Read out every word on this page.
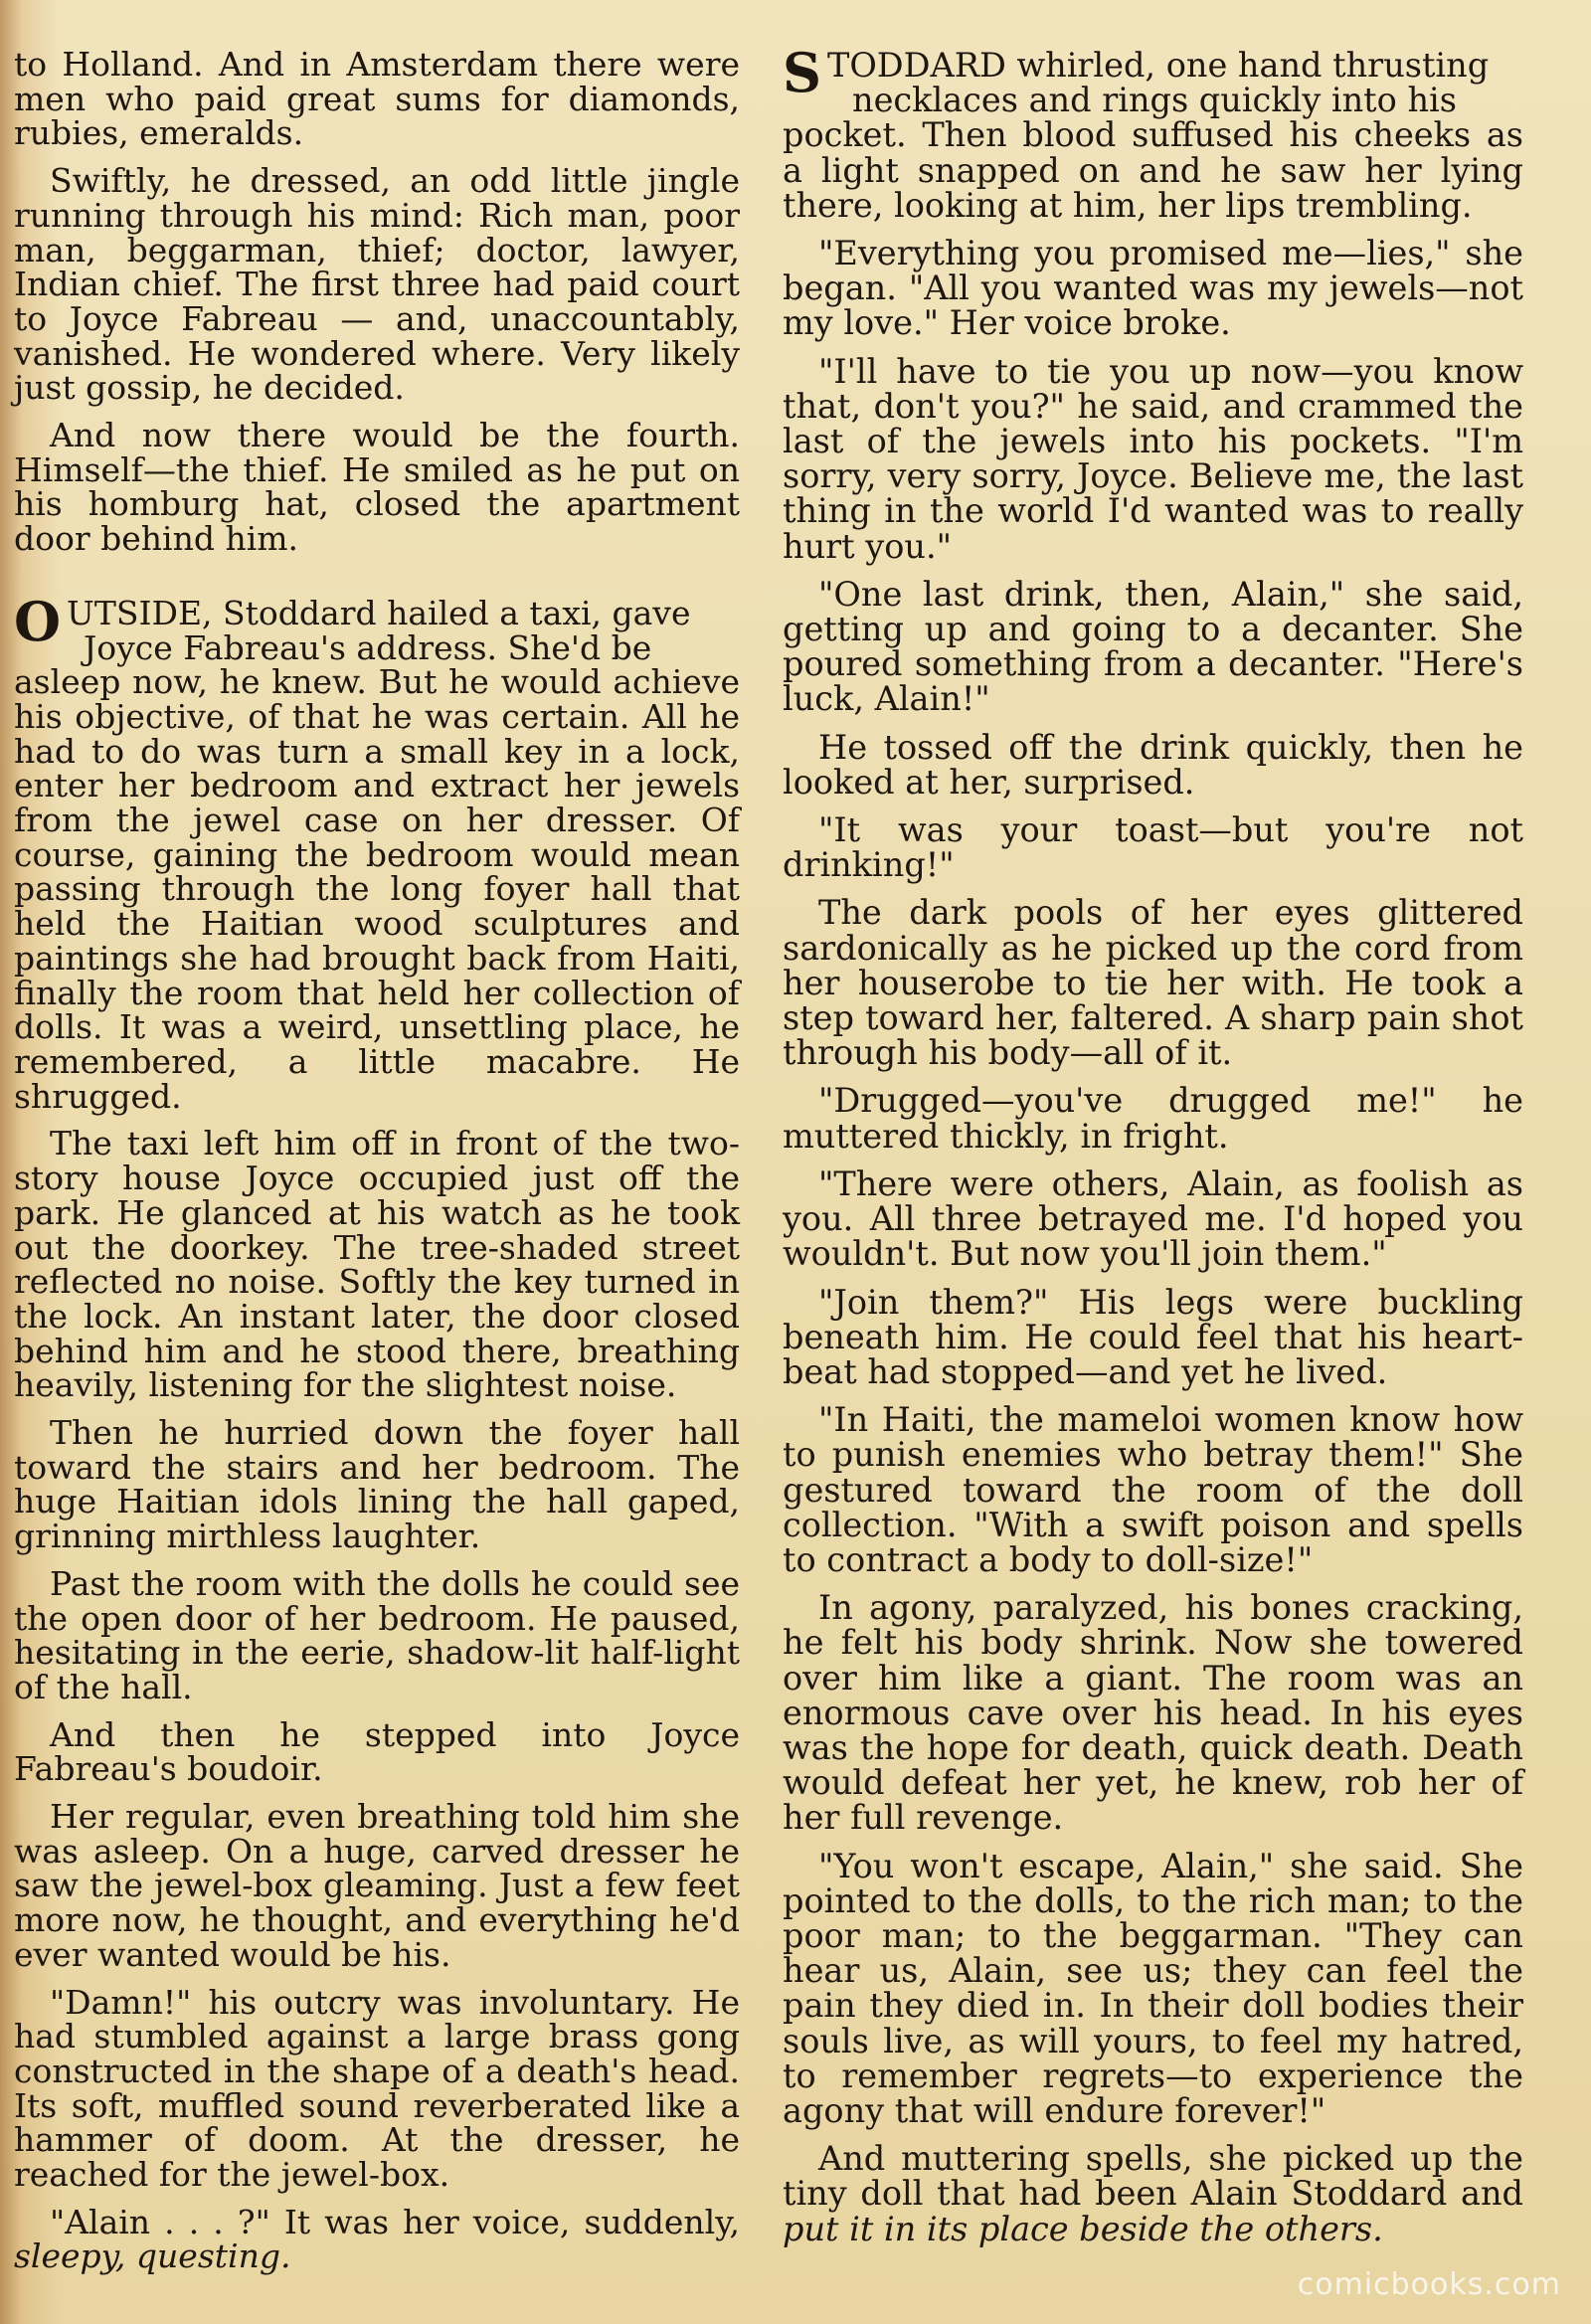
to Holland. And in Amsterdam there were men who paid great sums for diamonds, rubies, emeralds.

Swiftly, he dressed, an odd little jingle running through his mind: Rich man, poor man, beggarman, thief; doctor, lawyer, Indian chief. The first three had paid court to Joyce Fabreau — and, unaccountably, vanished. He wondered where. Very likely just gossip, he decided.

And now there would be the fourth. Himself—the thief. He smiled as he put on his homburg hat, closed the apartment door behind him.

OUTSIDE, Stoddard hailed a taxi, gave
Joyce Fabreau's address. She'd be
asleep now, he knew. But he would achieve his objective, of that he was certain. All he had to do was turn a small key in a lock, enter her bedroom and extract her jewels from the jewel case on her dresser. Of course, gaining the bedroom would mean passing through the long foyer hall that held the Haitian wood sculptures and paintings she had brought back from Haiti, finally the room that held her collection of dolls. It was a weird, unsettling place, he remembered, a little macabre. He shrugged.

The taxi left him off in front of the two-story house Joyce occupied just off the park. He glanced at his watch as he took out the doorkey. The tree-shaded street reflected no noise. Softly the key turned in the lock. An instant later, the door closed behind him and he stood there, breathing heavily, listening for the slightest noise.

Then he hurried down the foyer hall toward the stairs and her bedroom. The huge Haitian idols lining the hall gaped, grinning mirthless laughter.

Past the room with the dolls he could see the open door of her bedroom. He paused, hesitating in the eerie, shadow-lit half-light of the hall.

And then he stepped into Joyce Fabreau's boudoir.

Her regular, even breathing told him she was asleep. On a huge, carved dresser he saw the jewel-box gleaming. Just a few feet more now, he thought, and everything he'd ever wanted would be his.

"Damn!" his outcry was involuntary. He had stumbled against a large brass gong constructed in the shape of a death's head. Its soft, muffled sound reverberated like a hammer of doom. At the dresser, he reached for the jewel-box.

"Alain . . . ?" It was her voice, suddenly, sleepy, questing.

STODDARD whirled, one hand thrusting
necklaces and rings quickly into his
pocket. Then blood suffused his cheeks as a light snapped on and he saw her lying there, looking at him, her lips trembling.

"Everything you promised me—lies," she began. "All you wanted was my jewels—not my love." Her voice broke.

"I'll have to tie you up now—you know that, don't you?" he said, and crammed the last of the jewels into his pockets. "I'm sorry, very sorry, Joyce. Believe me, the last thing in the world I'd wanted was to really hurt you."

"One last drink, then, Alain," she said, getting up and going to a decanter. She poured something from a decanter. "Here's luck, Alain!"

He tossed off the drink quickly, then he looked at her, surprised.

"It was your toast—but you're not drinking!"

The dark pools of her eyes glittered sardonically as he picked up the cord from her houserobe to tie her with. He took a step toward her, faltered. A sharp pain shot through his body—all of it.

"Drugged—you've drugged me!" he muttered thickly, in fright.

"There were others, Alain, as foolish as you. All three betrayed me. I'd hoped you wouldn't. But now you'll join them."

"Join them?" His legs were buckling beneath him. He could feel that his heart-beat had stopped—and yet he lived.

"In Haiti, the mameloi women know how to punish enemies who betray them!" She gestured toward the room of the doll collection. "With a swift poison and spells to contract a body to doll-size!"

In agony, paralyzed, his bones cracking, he felt his body shrink. Now she towered over him like a giant. The room was an enormous cave over his head. In his eyes was the hope for death, quick death. Death would defeat her yet, he knew, rob her of her full revenge.

"You won't escape, Alain," she said. She pointed to the dolls, to the rich man; to the poor man; to the beggarman. "They can hear us, Alain, see us; they can feel the pain they died in. In their doll bodies their souls live, as will yours, to feel my hatred, to remember regrets—to experience the agony that will endure forever!"

And muttering spells, she picked up the tiny doll that had been Alain Stoddard and put it in its place beside the others.

comicbooks.com
